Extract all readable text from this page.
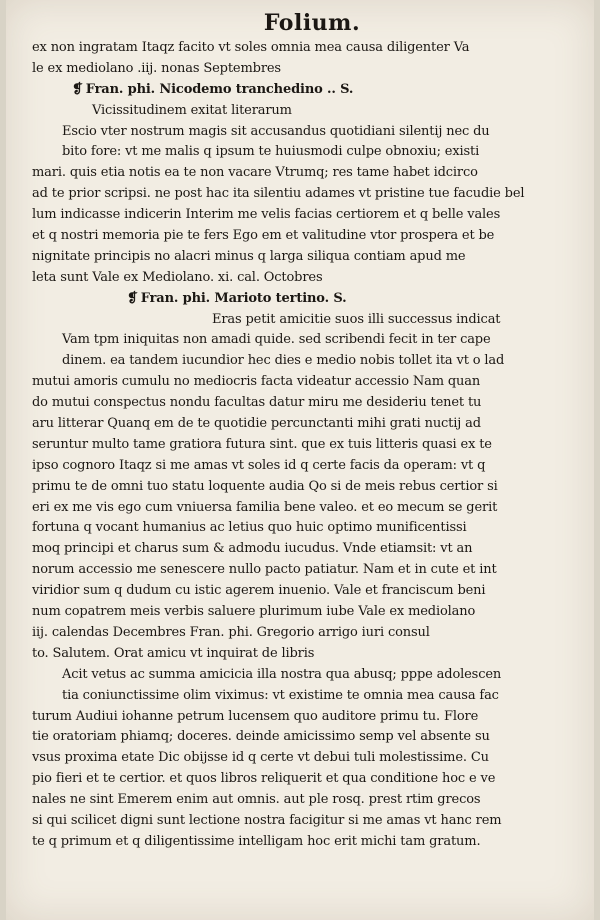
Folium.
ex non ingratam Itaqz facito vt soles omnia mea causa diligenter Va
le ex mediolano .iij. nonas Septembres
❡ Fran. phi. Nicodemo tranchedino .. S.
Vicissitudinem exitat literarum
Escio vter nostrum magis sit accusandus quotidiani silentij nec du
bito fore: vt me malis q ipsum te huiusmodi culpe obnoxiu; existi
mari. quis etia notis ea te non vacare Vtrumq; res tame habet idcirco
ad te prior scripsi. ne post hac ita silentiu adames vt pristine tue facudie bel
lum indicasse indicerin Interim me velis facias certiorem et q belle vales
et q nostri memoria pie te fers Ego em et valitudine vtor prospera et be
nignitate principis no alacri minus q larga siliqua contiam apud me
leta sunt Vale ex Mediolano. xi. cal. Octobres
❡ Fran. phi. Marioto tertino. S.
Eras petit amicitie suos illi successus indicat
Vam tpm iniquitas non amadi quide. sed scribendi fecit in ter cape
dinem. ea tandem iucundior hec dies e medio nobis tollet ita vt o lad
mutui amoris cumulu no mediocris facta videatur accessio Nam quan
do mutui conspectus nondu facultas datur miru me desideriu tenet tu
aru litterar Quanq em de te quotidie percunctanti mihi grati nuctij ad
seruntur multo tame gratiora futura sint. que ex tuis litteris quasi ex te
ipso cognoro Itaqz si me amas vt soles id q certe facis da operam: vt q
primu te de omni tuo statu loquente audia Qo si de meis rebus certior si
eri ex me vis ego cum vniuersa familia bene valeo. et eo mecum se gerit
fortuna q vocant humanius ac letius quo huic optimo munificentissi
moq principi et charus sum & admodu iucudus. Vnde etiamsit: vt an
norum accessio me senescere nullo pacto patiatur. Nam et in cute et int
viridior sum q dudum cu istic agerem inuenio. Vale et franciscum beni
num copatrem meis verbis saluere plurimum iube Vale ex mediolano
iij. calendas Decembres Fran. phi. Gregorio arrigo iuri consul
to. Salutem. Orat amicu vt inquirat de libris
Acit vetus ac summa amicicia illa nostra qua abusq; pppe adolescen
tia coniunctissime olim viximus: vt existime te omnia mea causa fac
turum Audiui iohanne petrum lucensem quo auditore primu tu. Flore
tie oratoriam phiamq; doceres. deinde amicissimo semp vel absente su
vsus proxima etate Dic obijsse id q certe vt debui tuli molestissime. Cu
pio fieri et te certior. et quos libros reliquerit et qua conditione hoc e ve
nales ne sint Emerem enim aut omnis. aut ple rosq. prest rtim grecos
si qui scilicet digni sunt lectione nostra facigitur si me amas vt hanc rem
te q primum et q diligentissime intelligam hoc erit michi tam gratum.
